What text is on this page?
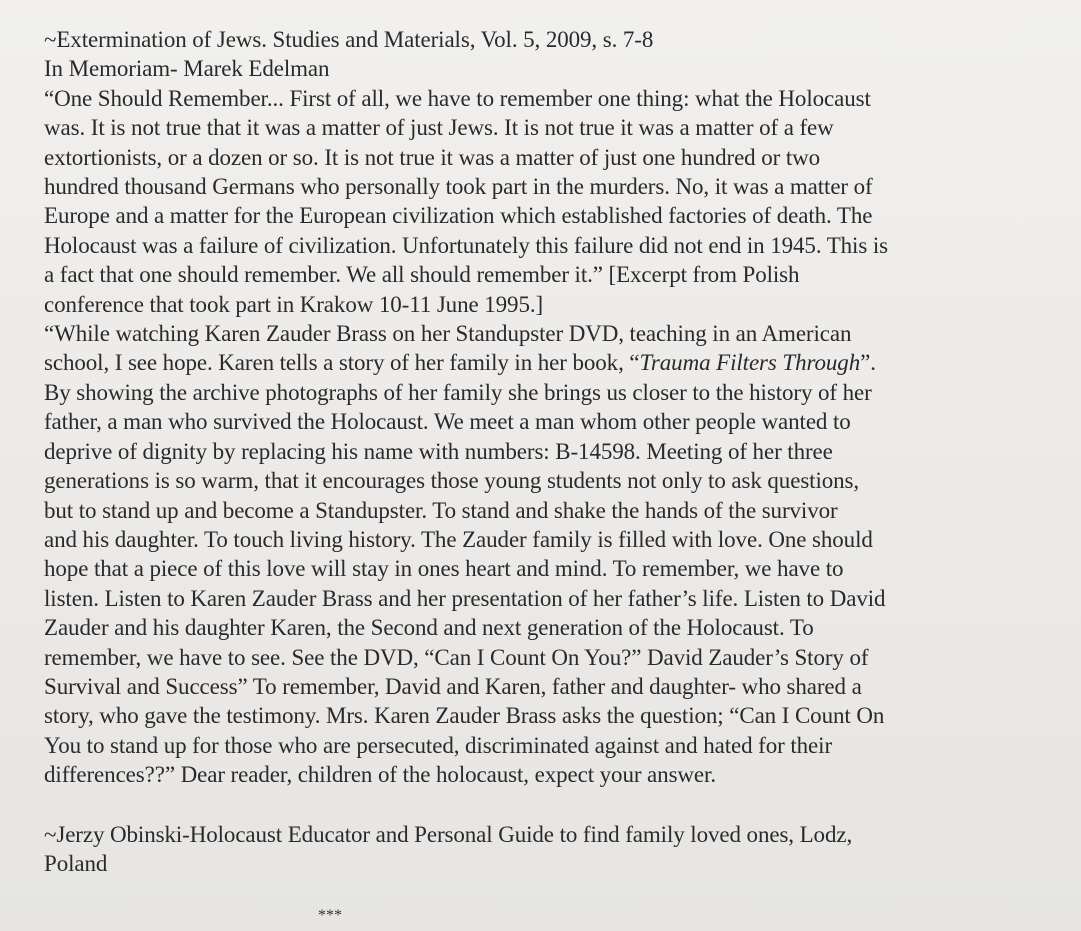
~Extermination of Jews. Studies and Materials, Vol. 5, 2009, s. 7-8
In Memoriam- Marek Edelman
“One Should Remember... First of all, we have to remember one thing: what the Holocaust
was. It is not true that it was a matter of just Jews. It is not true it was a matter of a few
extortionists, or a dozen or so. It is not true it was a matter of just one hundred or two
hundred thousand Germans who personally took part in the murders. No, it was a matter of
Europe and a matter for the European civilization which established factories of death. The
Holocaust was a failure of civilization. Unfortunately this failure did not end in 1945. This is
a fact that one should remember. We all should remember it.” [Excerpt from Polish
conference that took part in Krakow 10-11 June 1995.]
“While watching Karen Zauder Brass on her Standupster DVD, teaching in an American
school, I see hope. Karen tells a story of her family in her book, “Trauma Filters Through”.
By showing the archive photographs of her family she brings us closer to the history of her
father, a man who survived the Holocaust. We meet a man whom other people wanted to
deprive of dignity by replacing his name with numbers: B-14598. Meeting of her three
generations is so warm, that it encourages those young students not only to ask questions,
but to stand up and become a Standupster. To stand and shake the hands of the survivor
and his daughter. To touch living history. The Zauder family is filled with love. One should
hope that a piece of this love will stay in ones heart and mind. To remember, we have to
listen. Listen to Karen Zauder Brass and her presentation of her father’s life. Listen to David
Zauder and his daughter Karen, the Second and next generation of the Holocaust. To
remember, we have to see. See the DVD, “Can I Count On You?” David Zauder’s Story of
Survival and Success” To remember, David and Karen, father and daughter- who shared a
story, who gave the testimony. Mrs. Karen Zauder Brass asks the question; “Can I Count On
You to stand up for those who are persecuted, discriminated against and hated for their
differences??” Dear reader, children of the holocaust, expect your answer.
~Jerzy Obinski-Holocaust Educator and Personal Guide to find family loved ones, Lodz,
Poland
***
